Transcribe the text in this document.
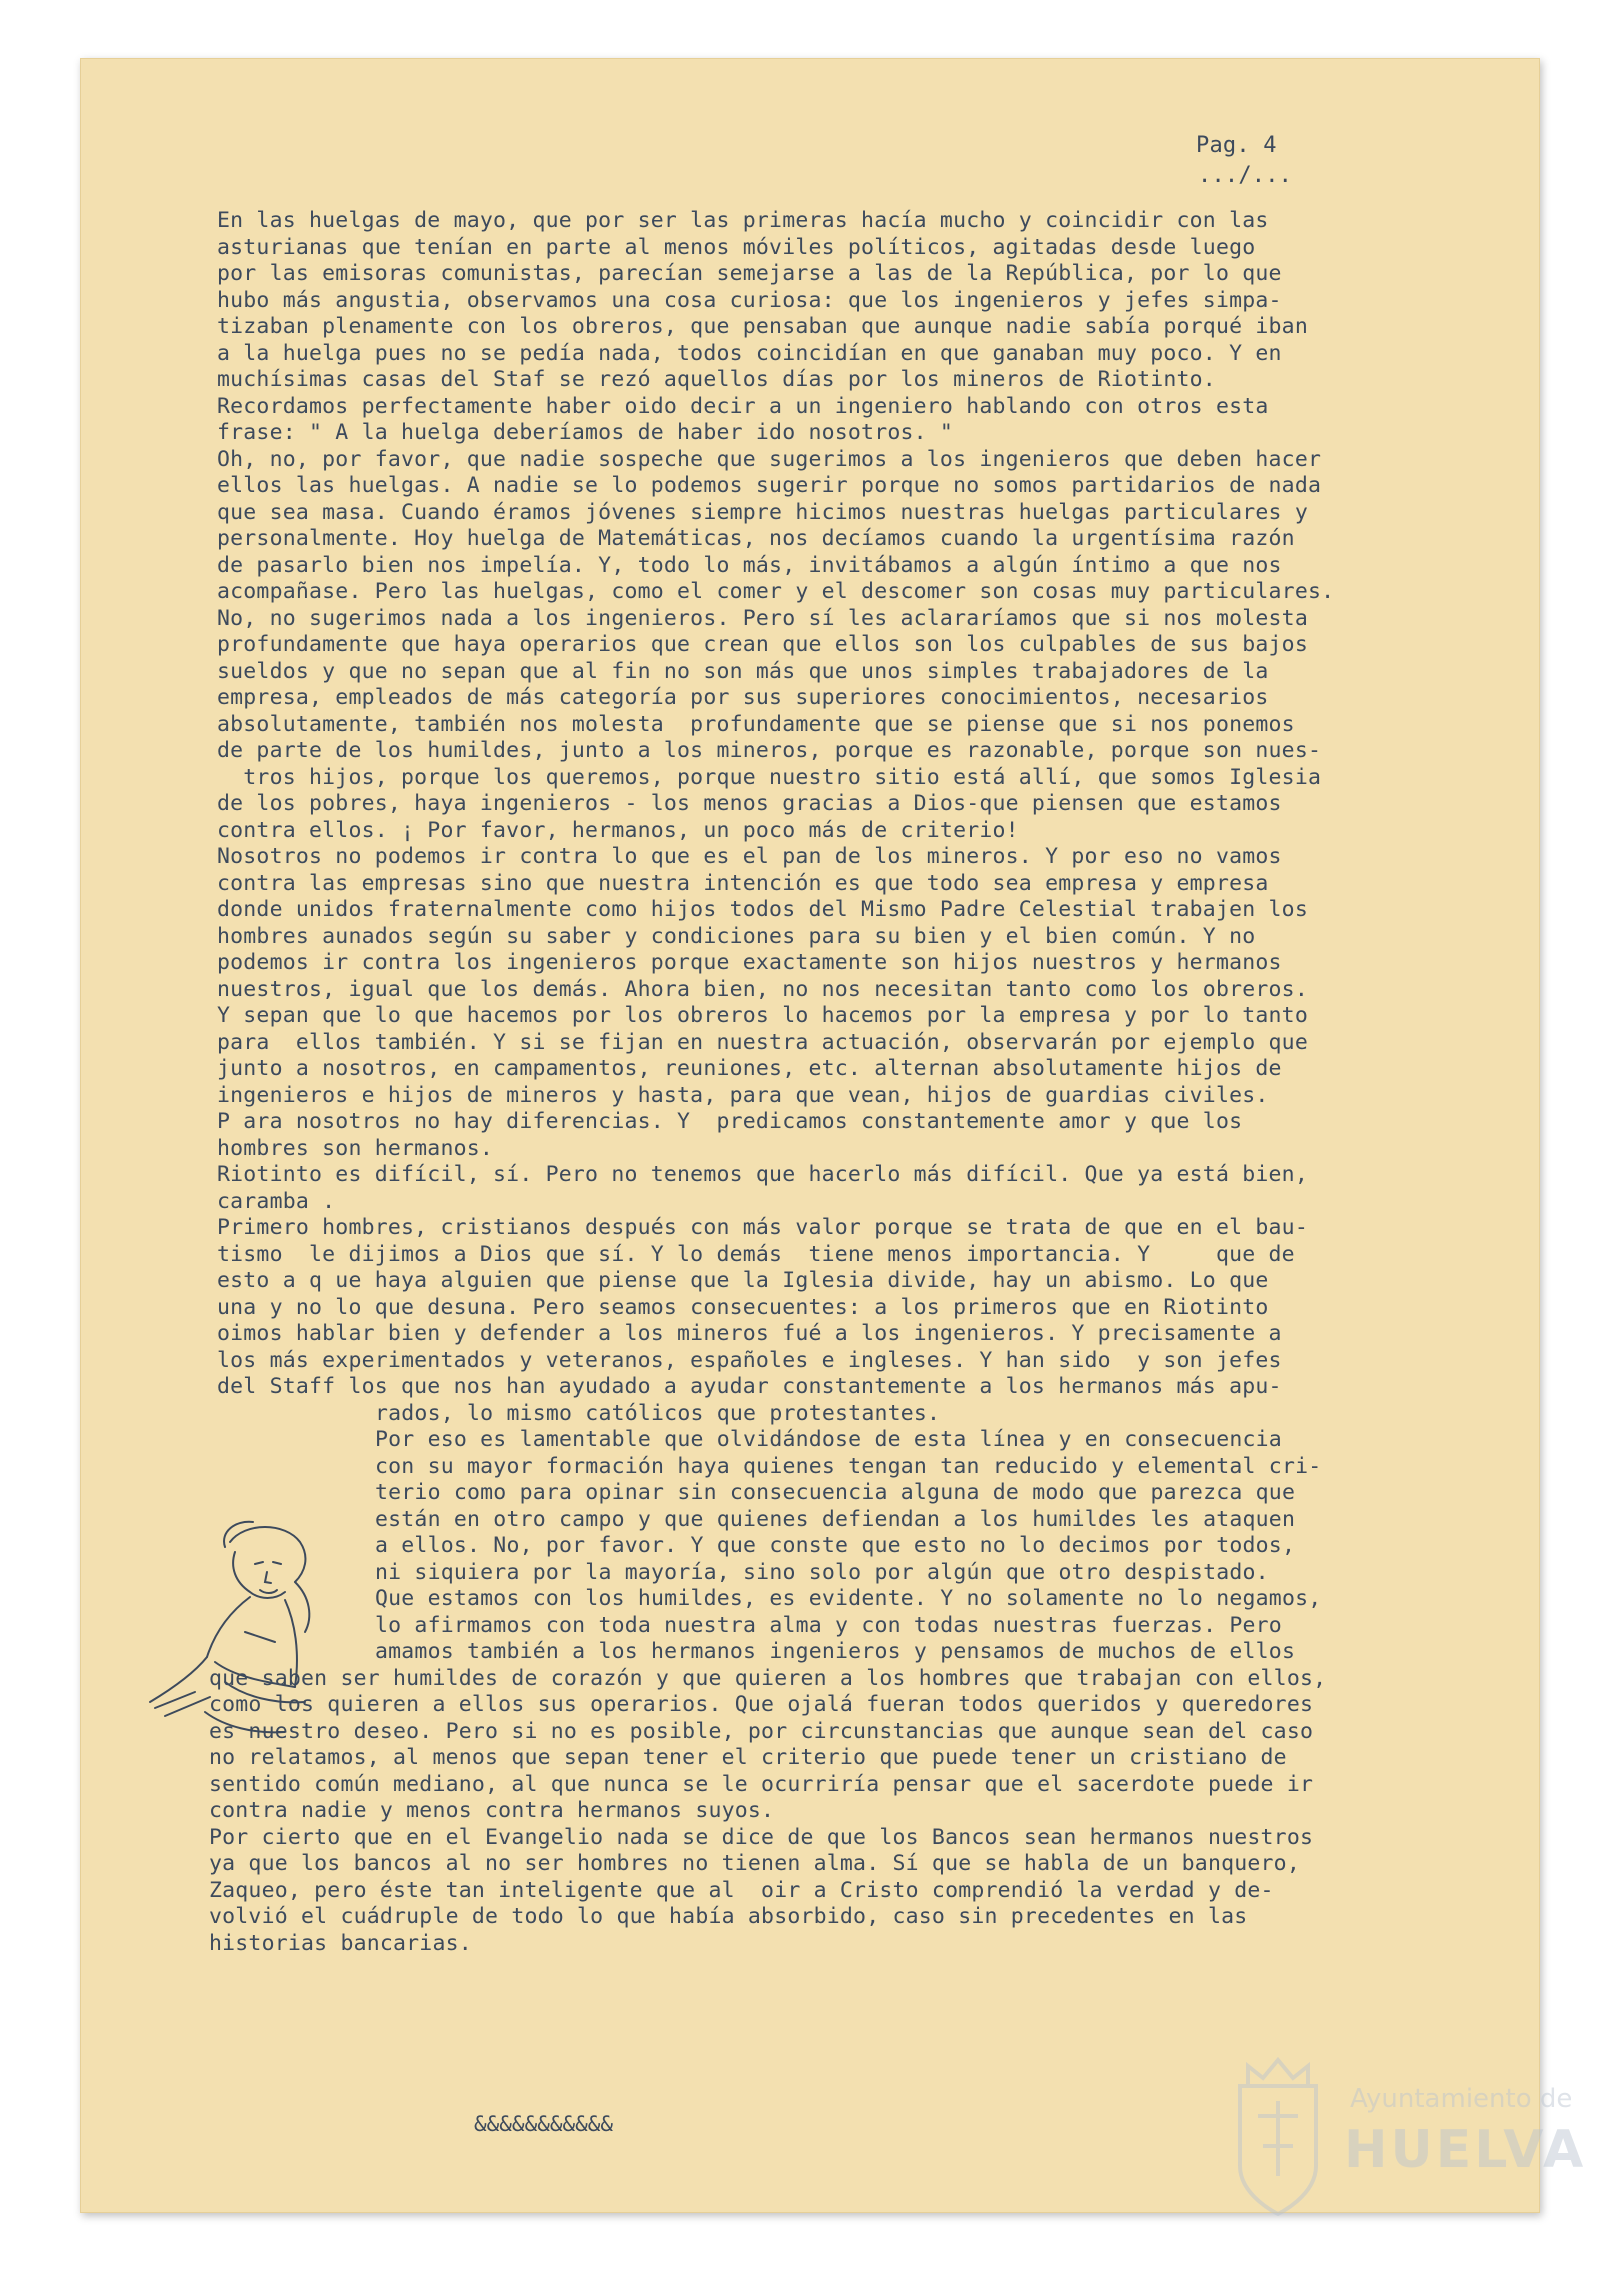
Pag. 4
.../...
En las huelgas de mayo, que por ser las primeras hacía mucho y coincidir con las
asturianas que tenían en parte al menos móviles políticos, agitadas desde luego
por las emisoras comunistas, parecían semejarse a las de la República, por lo que
hubo más angustia, observamos una cosa curiosa: que los ingenieros y jefes simpa-
tizaban plenamente con los obreros, que pensaban que aunque nadie sabía porqué iban
a la huelga pues no se pedía nada, todos coincidían en que ganaban muy poco. Y en
muchísimas casas del Staf se rezó aquellos días por los mineros de Riotinto.
Recordamos perfectamente haber oido decir a un ingeniero hablando con otros esta
frase: " A la huelga deberíamos de haber ido nosotros. "
Oh, no, por favor, que nadie sospeche que sugerimos a los ingenieros que deben hacer
ellos las huelgas. A nadie se lo podemos sugerir porque no somos partidarios de nada
que sea masa. Cuando éramos jóvenes siempre hicimos nuestras huelgas particulares y
personalmente. Hoy huelga de Matemáticas, nos decíamos cuando la urgentísima razón
de pasarlo bien nos impelía. Y, todo lo más, invitábamos a algún íntimo a que nos
acompañase. Pero las huelgas, como el comer y el descomer son cosas muy particulares.
No, no sugerimos nada a los ingenieros. Pero sí les aclararíamos que si nos molesta
profundamente que haya operarios que crean que ellos son los culpables de sus bajos
sueldos y que no sepan que al fin no son más que unos simples trabajadores de la
empresa, empleados de más categoría por sus superiores conocimientos, necesarios
absolutamente, también nos molesta  profundamente que se piense que si nos ponemos
de parte de los humildes, junto a los mineros, porque es razonable, porque son nues-
tros hijos, porque los queremos, porque nuestro sitio está allí, que somos Iglesia
de los pobres, haya ingenieros - los menos gracias a Dios-que piensen que estamos
contra ellos. ¡ Por favor, hermanos, un poco más de criterio!
Nosotros no podemos ir contra lo que es el pan de los mineros. Y por eso no vamos
contra las empresas sino que nuestra intención es que todo sea empresa y empresa
donde unidos fraternalmente como hijos todos del Mismo Padre Celestial trabajen los
hombres aunados según su saber y condiciones para su bien y el bien común. Y no
podemos ir contra los ingenieros porque exactamente son hijos nuestros y hermanos
nuestros, igual que los demás. Ahora bien, no nos necesitan tanto como los obreros.
Y sepan que lo que hacemos por los obreros lo hacemos por la empresa y por lo tanto
para  ellos también. Y si se fijan en nuestra actuación, observarán por ejemplo que
junto a nosotros, en campamentos, reuniones, etc. alternan absolutamente hijos de
ingenieros e hijos de mineros y hasta, para que vean, hijos de guardias civiles.
P ara nosotros no hay diferencias. Y  predicamos constantemente amor y que los
hombres son hermanos.
Riotinto es difícil, sí. Pero no tenemos que hacerlo más difícil. Que ya está bien,
caramba .
Primero hombres, cristianos después con más valor porque se trata de que en el bau-
tismo  le dijimos a Dios que sí. Y lo demás  tiene menos importancia. Y     que de
esto a q ue haya alguien que piense que la Iglesia divide, hay un abismo. Lo que
una y no lo que desuna. Pero seamos consecuentes: a los primeros que en Riotinto
oimos hablar bien y defender a los mineros fué a los ingenieros. Y precisamente a
los más experimentados y veteranos, españoles e ingleses. Y han sido  y son jefes
del Staff los que nos han ayudado a ayudar constantemente a los hermanos más apu-
rados, lo mismo católicos que protestantes.
Por eso es lamentable que olvidándose de esta línea y en consecuencia
con su mayor formación haya quienes tengan tan reducido y elemental cri-
terio como para opinar sin consecuencia alguna de modo que parezca que
están en otro campo y que quienes defiendan a los humildes les ataquen
a ellos. No, por favor. Y que conste que esto no lo decimos por todos,
ni siquiera por la mayoría, sino solo por algún que otro despistado.
Que estamos con los humildes, es evidente. Y no solamente no lo negamos,
lo afirmamos con toda nuestra alma y con todas nuestras fuerzas. Pero
amamos también a los hermanos ingenieros y pensamos de muchos de ellos
que saben ser humildes de corazón y que quieren a los hombres que trabajan con ellos,
como los quieren a ellos sus operarios. Que ojalá fueran todos queridos y queredores
es nuestro deseo. Pero si no es posible, por circunstancias que aunque sean del caso
no relatamos, al menos que sepan tener el criterio que puede tener un cristiano de
sentido común mediano, al que nunca se le ocurriría pensar que el sacerdote puede ir
contra nadie y menos contra hermanos suyos.
Por cierto que en el Evangelio nada se dice de que los Bancos sean hermanos nuestros
ya que los bancos al no ser hombres no tienen alma. Sí que se habla de un banquero,
Zaqueo, pero éste tan inteligente que al  oir a Cristo comprendió la verdad y de-
volvió el cuádruple de todo lo que había absorbido, caso sin precedentes en las
historias bancarias.
&&&&&&&&&&&
Ayuntamiento de
HUELVA
